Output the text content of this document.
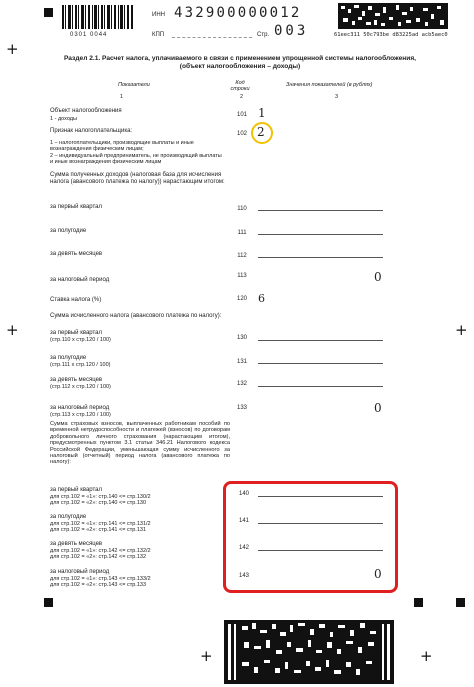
+
+	+
+	+
0301 0044
ИНН 432900000012
КПП	Стр. 003	61eec311 50c793be d83225ad acb5aec0
Раздел 2.1. Расчет налога, уплачиваемого в связи с применением упрощенной системы налогообложения,
(объект налогообложения – доходы)
Показатели	Код строки
Значения показателей (в рублях)
1	2	3
Объект налогообложения
1 - доходы
101 1
Признак налогоплательщика:
1 – налогоплательщики, производящие выплаты и иные вознаграждения физическим лицам;
2 – индивидуальный предприниматель, не производящий выплаты и иные вознаграждения физическим лицам
102 2
Сумма полученных доходов (налоговая база для исчисления налога (авансового платежа по налогу)) нарастающим итогом:
за первый квартал	110
за полугодие	111
за девять месяцев	112
за налоговый период
113	0
Ставка налога (%)	120	6
Сумма исчисленного налога (авансового платежа по налогу):
за первый квартал
(стр.110 х стр.120 / 100)	130
за полугодие
(стр.111 х стр.120 / 100)	131
за девять месяцев
(стр.112 х стр.120 / 100)	132
за налоговый период
(стр.113 х стр.120 / 100)
133	0
Сумма страховых взносов, выплаченных работникам пособий по временной нетрудоспособности и платежей (взносов) по договорам добровольного личного страхования (нарастающим итогом), предусмотренных пунктом 3.1 статьи 346.21 Налогового кодекса Российской Федерации, уменьшающая сумму исчисленного за налоговый (отчетный) период налога (авансового платежа по налогу):
за первый квартал
для стр.102 = «1»: стр.140 <= стр.130/2
для стр.102 = «2»: стр.140 <= стр.130
140
за полугодие
для стр.102 = «1»: стр.141 <= стр.131/2
для стр.102 = «2»: стр.141 <= стр.131
141
за девять месяцев
для стр.102 = «1»: стр.142 <= стр.132/2
для стр.102 = «2»: стр.142 <= стр.132
142
за налоговый период
для стр.102 = «1»: стр.143 <= стр.133/2
для стр.102 = «2»: стр.143 <= стр.133
143	0
